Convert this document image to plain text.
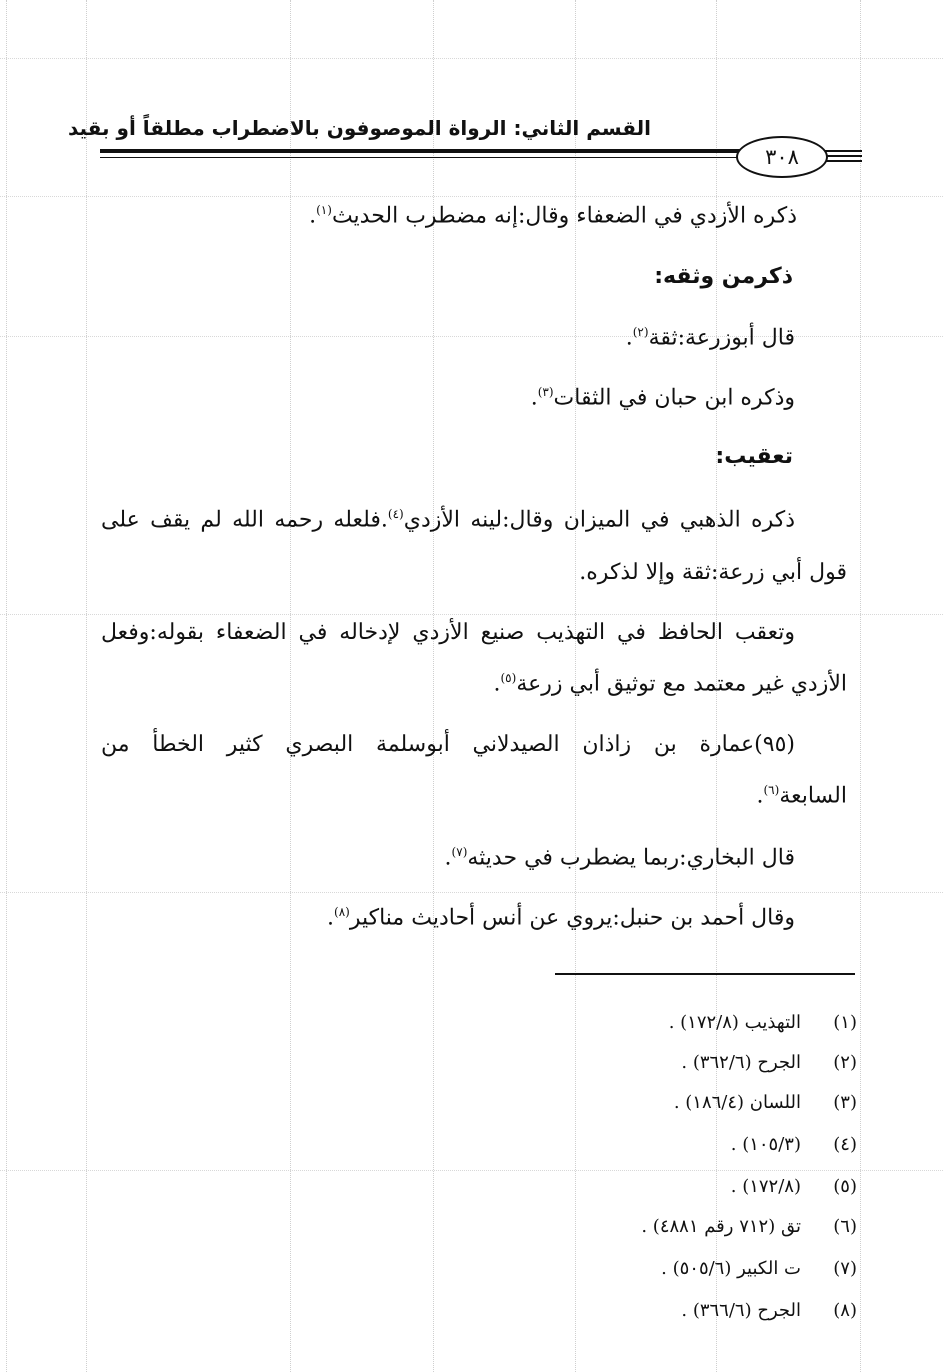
القسم الثاني: الرواة الموصوفون بالاضطراب مطلقاً أو بقيد
٣٠٨
ذكره الأزدي في الضعفاء وقال:إنه مضطرب الحديث$^{(١)}$.
ذكرمن وثقه:
قال أبوزرعة:ثقة$^{(٢)}$.
وذكره ابن حبان في الثقات$^{(٣)}$.
تعقيب:
ذكره الذهبي في الميزان وقال:لينه الأزدي$^{(٤)}$.فلعله رحمه الله لم يقف على
قول أبي زرعة:ثقة وإلا لذكره.
وتعقب الحافظ في التهذيب صنيع الأزدي لإدخاله في الضعفاء بقوله:وفعل
الأزدي غير معتمد مع توثيق أبي زرعة$^{(٥)}$.
(٩٥)عمارة بن زاذان الصيدلاني أبوسلمة البصري كثير الخطأ من
السابعة$^{(٦)}$.
قال البخاري:ربما يضطرب في حديثه$^{(٧)}$.
وقال أحمد بن حنبل:يروي عن أنس أحاديث مناكير$^{(٨)}$.
(١)
التهذيب (١٧٢/٨) .
(٢)
الجرح (٣٦٢/٦) .
(٣)
اللسان (١٨٦/٤) .
(٤)
(١٠٥/٣) .
(٥)
(١٧٢/٨) .
(٦)
تق (٧١٢ رقم ٤٨٨١) .
(٧)
ت الكبير (٥٠٥/٦) .
(٨)
الجرح (٣٦٦/٦) .
